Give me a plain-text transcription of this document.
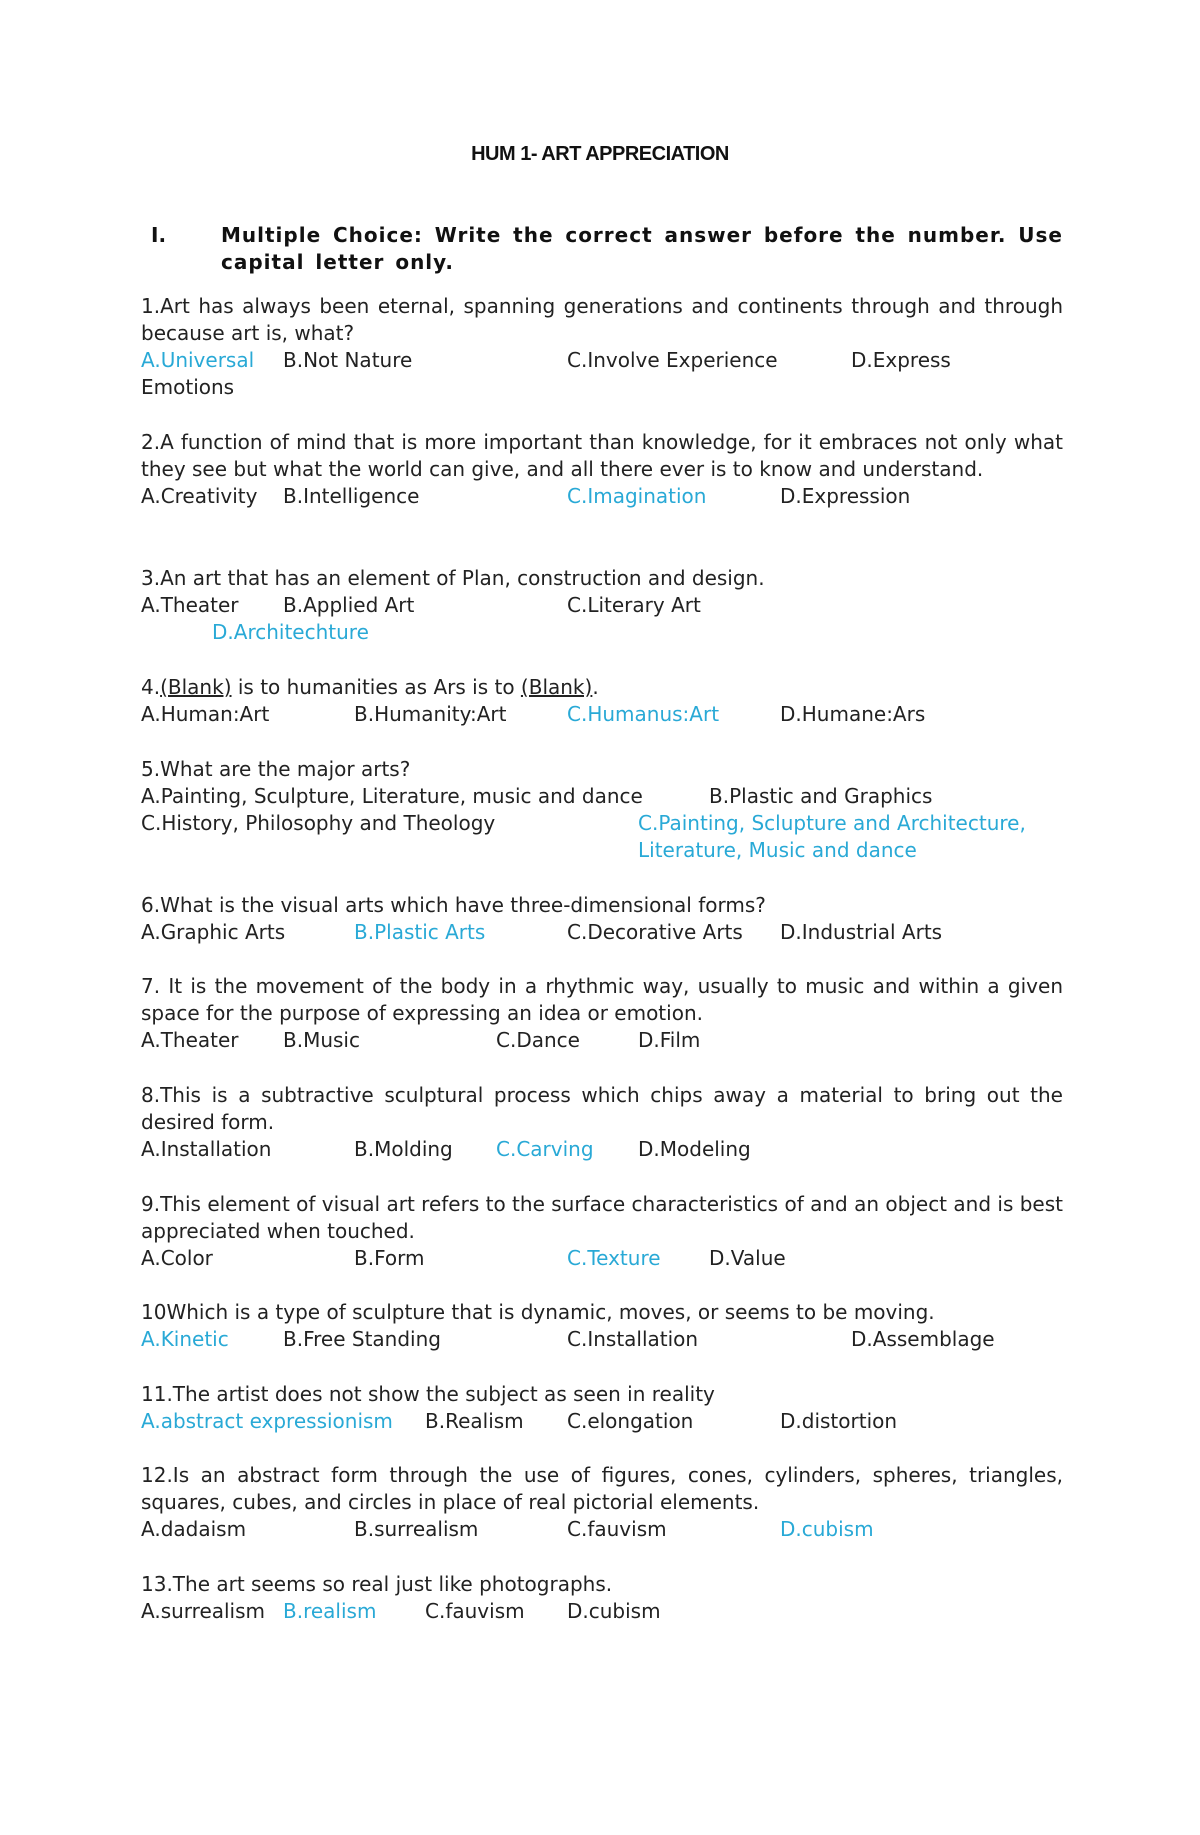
HUM 1- ART APPRECIATION
I.	Multiple Choice: Write the correct answer before the number. Use capital letter only.
1.Art has always been eternal, spanning generations and continents through and through because art is, what?
A.Universal B.Not Nature	C.Involve Experience	D.Express
Emotions
2.A function of mind that is more important than knowledge, for it embraces not only what they see but what the world can give, and all there ever is to know and understand.
A.Creativity B.Intelligence	C.Imagination	D.Expression
3.An art that has an element of Plan, construction and design.
A.Theater B.Applied Art	C.Literary Art
D.Architechture
4.(Blank) is to humanities as Ars is to (Blank).
A.Human:Art	B.Humanity:Art	C.Humanus:Art	D.Humane:Ars
5.What are the major arts?
A.Painting, Sculpture, Literature, music and dance	B.Plastic and Graphics
C.History, Philosophy and Theology	C.Painting, Sclupture and Architecture,
Literature, Music and dance
6.What is the visual arts which have three-dimensional forms?
A.Graphic Arts	B.Plastic Arts	C.Decorative Arts D.Industrial Arts
7. It is the movement of the body in a rhythmic way, usually to music and within a given space for the purpose of expressing an idea or emotion.
A.Theater B.Music	C.Dance	D.Film
8.This is a subtractive sculptural process which chips away a material to bring out the desired form.
A.Installation	B.Molding C.Carving D.Modeling
9.This element of visual art refers to the surface characteristics of and an object and is best appreciated when touched.
A.Color	B.Form	C.Texture D.Value
10Which is a type of sculpture that is dynamic, moves, or seems to be moving.
A.Kinetic	B.Free Standing	C.Installation	D.Assemblage
11.The artist does not show the subject as seen in reality
A.abstract expressionism B.Realism C.elongation	D.distortion
12.Is an abstract form through the use of figures, cones, cylinders, spheres, triangles, squares, cubes, and circles in place of real pictorial elements.
A.dadaism	B.surrealism	C.fauvism	D.cubism
13.The art seems so real just like photographs.
A.surrealism B.realism C.fauvism D.cubism
